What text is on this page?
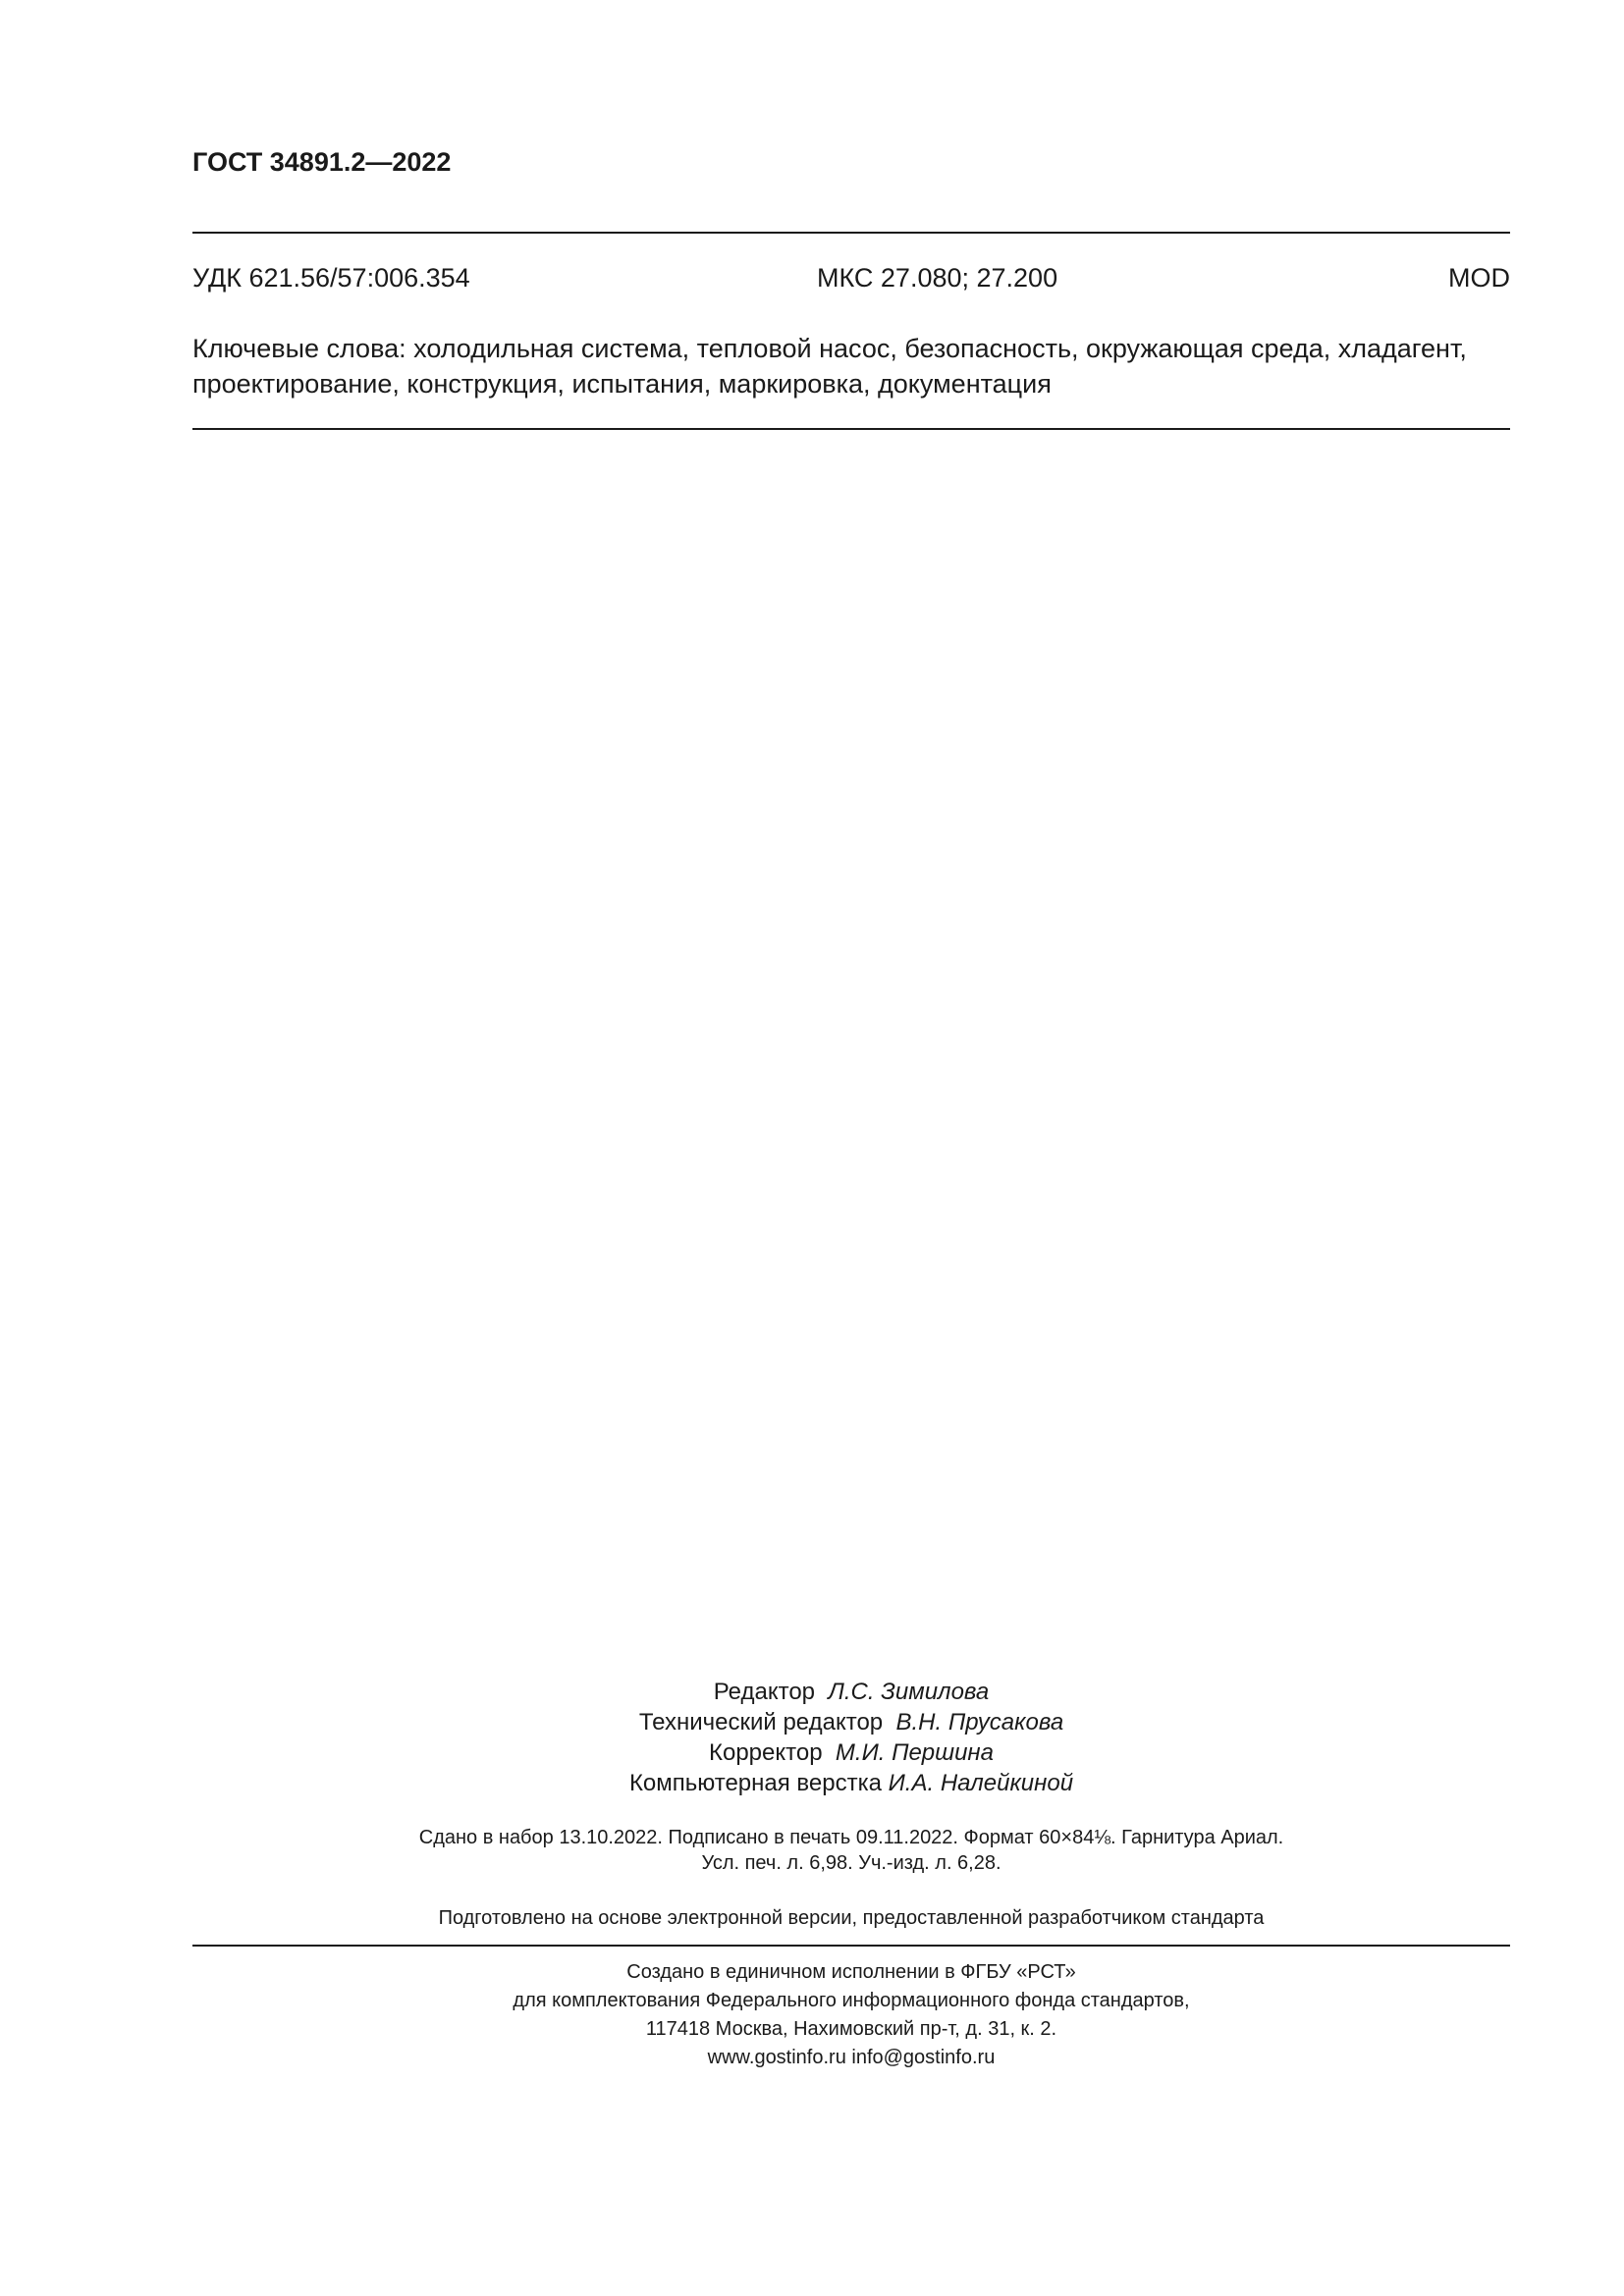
ГОСТ 34891.2—2022
УДК 621.56/57:006.354	МКС 27.080; 27.200	MOD
Ключевые слова: холодильная система, тепловой насос, безопасность, окружающая среда, хладагент, проектирование, конструкция, испытания, маркировка, документация
Редактор Л.С. Зимилова
Технический редактор В.Н. Прусакова
Корректор М.И. Першина
Компьютерная верстка И.А. Налейкиной
Сдано в набор 13.10.2022. Подписано в печать 09.11.2022. Формат 60×84⅛. Гарнитура Ариал.
Усл. печ. л. 6,98. Уч.-изд. л. 6,28.
Подготовлено на основе электронной версии, предоставленной разработчиком стандарта
Создано в единичном исполнении в ФГБУ «РСТ»
для комплектования Федерального информационного фонда стандартов,
117418 Москва, Нахимовский пр-т, д. 31, к. 2.
www.gostinfo.ru info@gostinfo.ru
